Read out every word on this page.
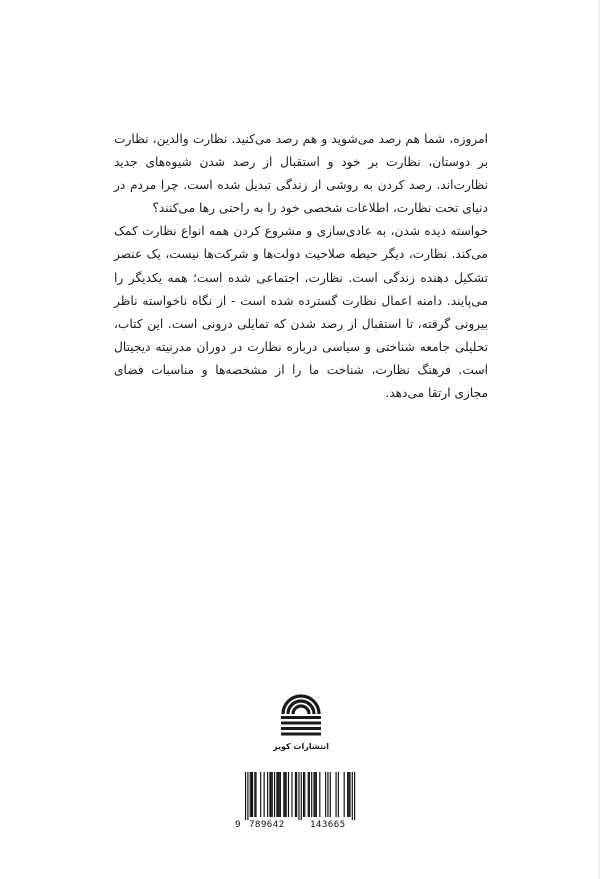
امروزه، شما هم رصد می‌شوید و هم رصد می‌کنید. نظارت والدین، نظارت بر دوستان، نظارت بر خود و استقبال از رصد شدن شیوه‌های جدید نظارت‌اند. رصد کردن به روشی از زندگی تبدیل شده است. چرا مردم در دنیای تحت نظارت، اطلاعات شخصی خود را به راحتی رها می‌کنند؟

خواسته دیده شدن، به عادی‌سازی و مشروع کردن همه انواع نظارت کمک می‌کند. نظارت، دیگر حیطه صلاحیت دولت‌ها و شرکت‌ها نیست، یک عنصر تشکیل دهنده زندگی است. نظارت، اجتماعی شده است؛ همه یکدیگر را می‌پایند. دامنه اعمال نظارت گسترده شده است - از نگاه ناخواسته ناظر بیرونی گرفته، تا استقبال از رصد شدن که تمایلی درونی است. این کتاب، تحلیلی جامعه شناختی و سیاسی درباره نظارت در دوران مدرنیته دیجیتال است. فرهنگ نظارت، شناخت ما را از مشخصه‌ها و مناسبات فضای مجازی ارتقا می‌دهد.

انتشارات کویر
9 789642	143665
